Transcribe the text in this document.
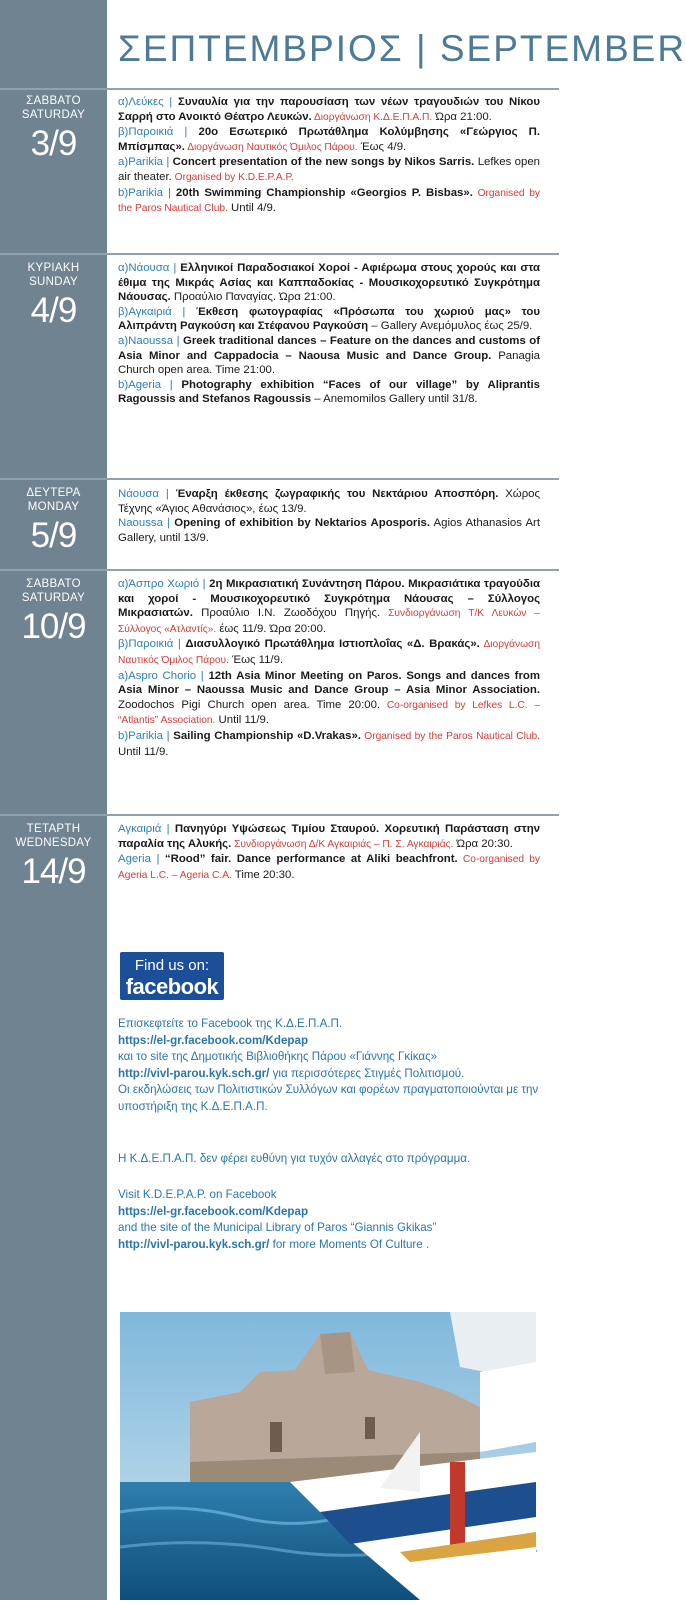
ΣΕΠΤΕΜΒΡΙΟΣ | SEPTEMBER
ΣΑΒΒΑΤΟ
SATURDAY
3/9

α)Λεύκες | Συναυλία για την παρουσίαση των νέων τραγουδιών του Νίκου Σαρρή στο Ανοικτό Θέατρο Λευκών. Διοργάνωση Κ.Δ.Ε.Π.Α.Π. Ώρα 21:00.

β)Παροικιά | 20ο Εσωτερικό Πρωτάθλημα Κολύμβησης «Γεώργιος Π. Μπίσμπας». Διοργάνωση Ναυτικός Όμιλος Πάρου. Έως 4/9.

a)Parikia | Concert presentation of the new songs by Nikos Sarris. Lefkes open air theater. Organised by K.D.E.P.A.P.

b)Parikia | 20th Swimming Championship «Georgios P. Bisbas». Organised by the Paros Nautical Club. Until 4/9.

ΚΥΡΙΑΚΗ
SUNDAY
4/9

α)Νάουσα | Ελληνικοί Παραδοσιακοί Χοροί - Αφιέρωμα στους χορούς και στα έθιμα της Μικράς Ασίας και Καππαδοκίας - Μουσικοχορευτικό Συγκρότημα Νάουσας. Προαύλιο Παναγίας. Ώρα 21:00.

β)Αγκαιριά | Έκθεση φωτογραφίας «Πρόσωπα του χωριού μας» του Αλιπράντη Ραγκούση και Στέφανου Ραγκούση – Gallery Ανεμόμυλος έως 25/9.

a)Naoussa | Greek traditional dances – Feature on the dances and customs of Asia Minor and Cappadocia – Naousa Music and Dance Group. Panagia Church open area. Time 21:00.

b)Ageria | Photography exhibition “Faces of our village” by Aliprantis Ragoussis and Stefanos Ragoussis – Anemomilos Gallery until 31/8.

ΔΕΥΤΕΡΑ
MONDAY
5/9

Νάουσα | Έναρξη έκθεσης ζωγραφικής του Νεκτάριου Αποσπόρη. Χώρος Τέχνης «Άγιος Αθανάσιος», έως 13/9.

Naoussa | Opening of exhibition by Nektarios Aposporis. Agios Athanasios Art Gallery, until 13/9.

ΣΑΒΒΑΤΟ
SATURDAY
10/9

α)Άσπρο Χωριό | 2η Μικρασιατική Συνάντηση Πάρου. Μικρασιάτικα τραγούδια και χοροί - Μουσικοχορευτικό Συγκρότημα Νάουσας – Σύλλογος Μικρασιατών. Προαύλιο Ι.Ν. Ζωοδόχου Πηγής. Συνδιοργάνωση Τ/Κ Λευκών – Σύλλογος «Ατλαντίς». έως 11/9. Ώρα 20:00.

β)Παροικιά | Διασυλλογικό Πρωτάθλημα Ιστιοπλοΐας «Δ. Βρακάς». Διοργάνωση Ναυτικός Όμιλος Πάρου. Έως 11/9.

a)Aspro Chorio | 12th Asia Minor Meeting on Paros. Songs and dances from Asia Minor – Naoussa Music and Dance Group – Asia Minor Association. Zoodochos Pigi Church open area. Time 20:00. Co-organised by Lefkes L.C. – “Atlantis” Association. Until 11/9.

b)Parikia | Sailing Championship «D.Vrakas». Organised by the Paros Nautical Club. Until 11/9.

ΤΕΤΑΡΤΗ
WEDNESDAY
14/9

Αγκαιριά | Πανηγύρι Υψώσεως Τιμίου Σταυρού. Χορευτική Παράσταση στην παραλία της Αλυκής. Συνδιοργάνωση Δ/Κ Αγκαιριάς – Π. Σ. Αγκαιριάς. Ώρα 20:30.

Ageria | “Rood” fair. Dance performance at Aliki beachfront. Co-organised by Ageria L.C. – Ageria C.A. Time 20:30.

Find us on:
facebook

Επισκεφτείτε το Facebook της Κ.Δ.Ε.Π.Α.Π.

https://el-gr.facebook.com/Kdepap

και το site της Δημοτικής Βιβλιοθήκης Πάρου «Γιάννης Γκίκας»

http://vivl-parou.kyk.sch.gr/ για περισσότερες Στιγμές Πολιτισμού.

Οι εκδηλώσεις των Πολιτιστικών Συλλόγων και φορέων πραγματοποιούνται με την υποστήριξη της Κ.Δ.Ε.Π.Α.Π.

Η Κ.Δ.Ε.Π.Α.Π. δεν φέρει ευθύνη για τυχόν αλλαγές στο πρόγραμμα.

Visit K.D.E.P.A.P. on Facebook

https://el-gr.facebook.com/Kdepap

and the site of the Municipal Library of Paros “Giannis Gkikas”

http://vivl-parou.kyk.sch.gr/ for more Moments Of Culture .
